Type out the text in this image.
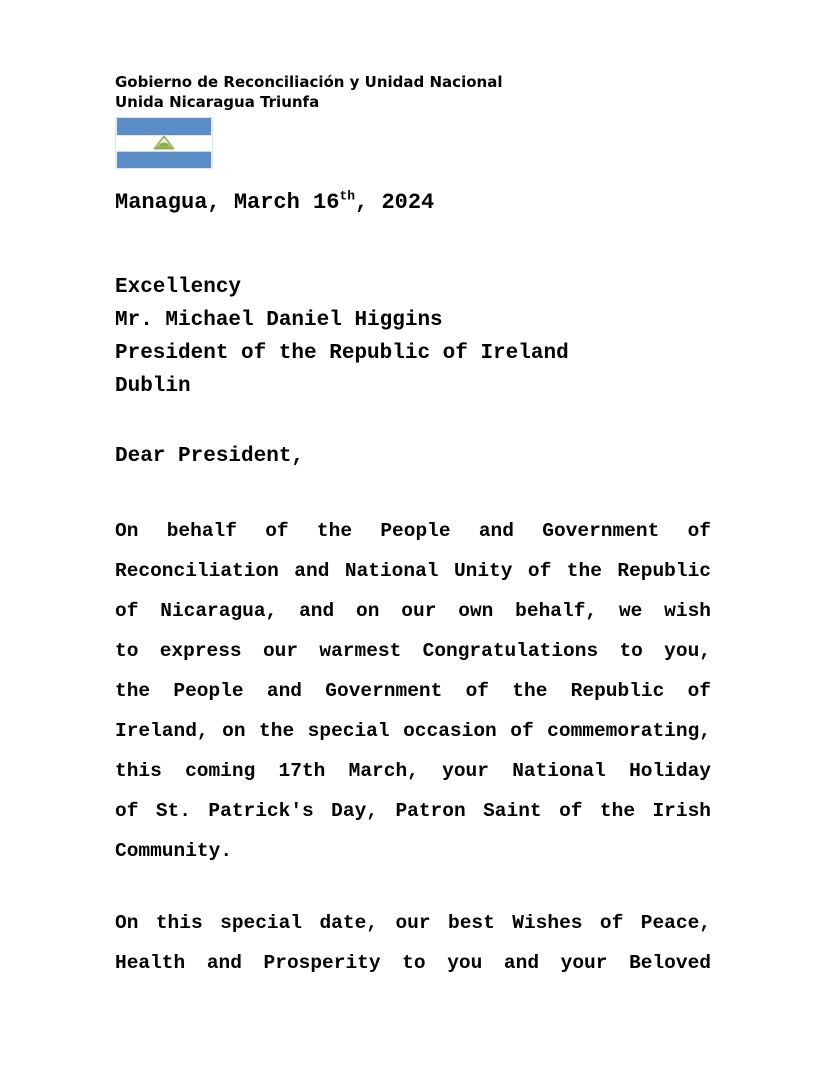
Gobierno de Reconciliación y Unidad Nacional
Unida Nicaragua Triunfa
Managua, March 16th, 2024
Excellency
Mr. Michael Daniel Higgins
President of the Republic of Ireland
Dublin
Dear President,
On behalf of the People and Government of
Reconciliation and National Unity of the Republic
of Nicaragua, and on our own behalf, we wish
to express our warmest Congratulations to you,
the People and Government of the Republic of
Ireland, on the special occasion of commemorating,
this coming 17th March, your National Holiday
of St. Patrick's Day, Patron Saint of the Irish
Community.
On this special date, our best Wishes of Peace,
Health and Prosperity to you and your Beloved
